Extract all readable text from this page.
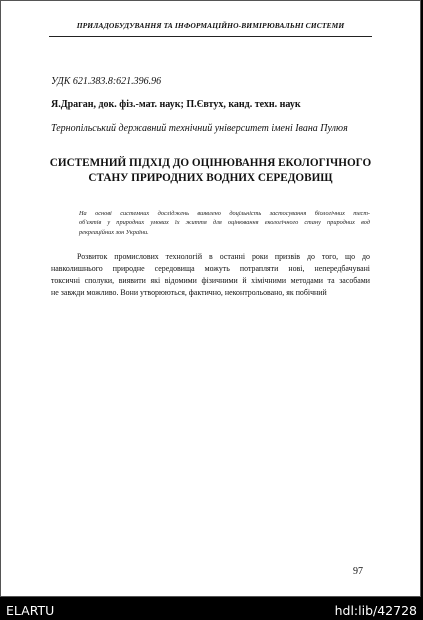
ПРИЛАДОБУДУВАННЯ ТА ІНФОРМАЦІЙНО-ВИМІРЮВАЛЬНІ СИСТЕМИ
УДК 621.383.8:621.396.96
Я.Драган, док. фіз.-мат. наук; П.Євтух, канд. техн. наук
Тернопільський державний технічний університет імені Івана Пулюя
СИСТЕМНИЙ ПІДХІД ДО ОЦІНЮВАННЯ ЕКОЛОГІЧНОГО
СТАНУ ПРИРОДНИХ ВОДНИХ СЕРЕДОВИЩ
На основі системних досліджень виявлено доцільність застосування біологічних тест-
об'єктів у природних умовах їх життя для оцінювання екологічного стану природних вод
рекреаційних зон України.
Розвиток промислових технологій в останні роки призвів до того, що до
навколишнього природне середовища можуть потрапляти нові, непередбачувані
токсичні сполуки, виявити які відомими фізичними й хімічними методами та засобами
не завжди можливо. Вони утворюються, фактично, неконтрольовано, як побічний
97
ELARTU	hdl:lib/42728
